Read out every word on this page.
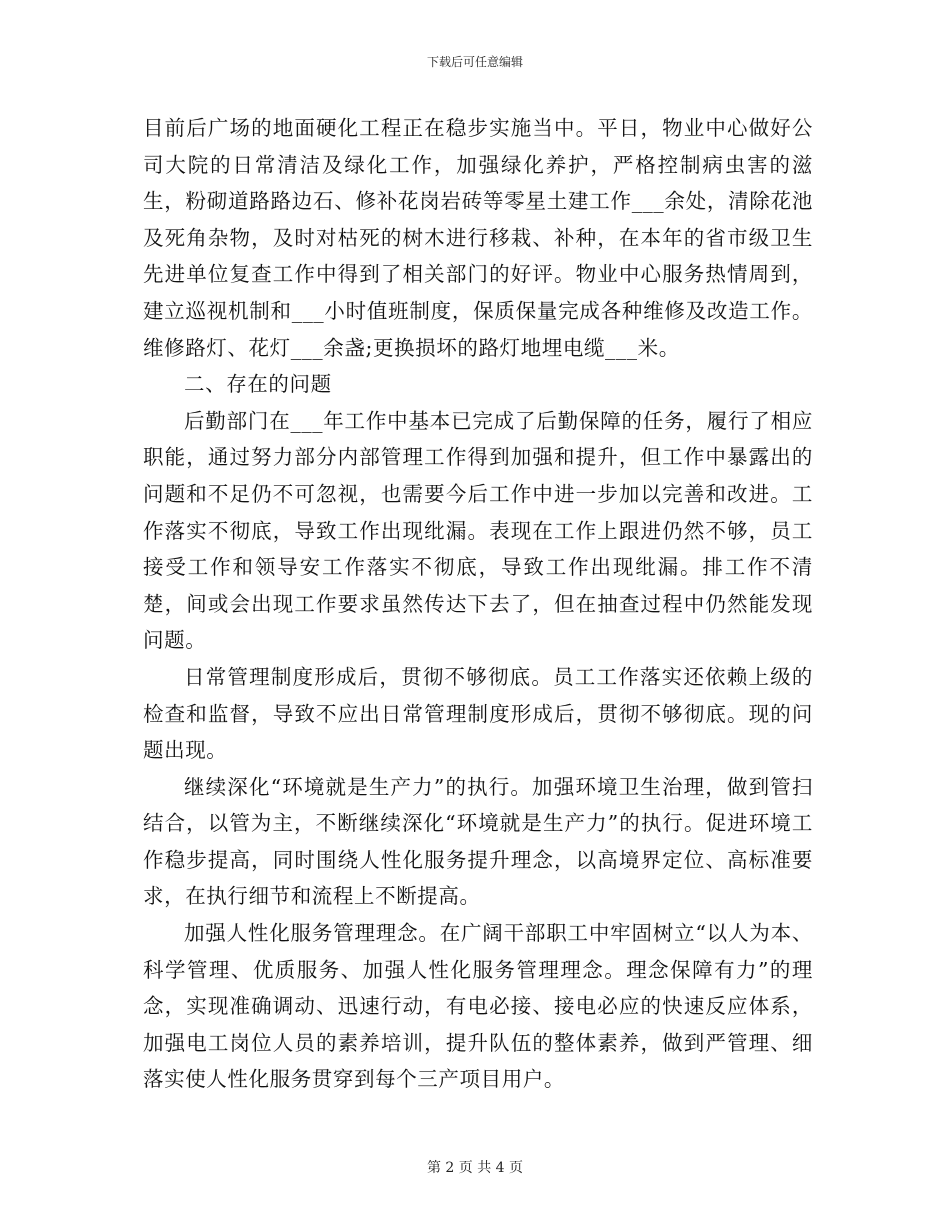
下载后可任意编辑

目前后广场的地面硬化工程正在稳步实施当中。平日，物业中心做好公司大院的日常清洁及绿化工作，加强绿化养护，严格控制病虫害的滋生，粉砌道路路边石、修补花岗岩砖等零星土建工作___余处，清除花池及死角杂物，及时对枯死的树木进行移栽、补种，在本年的省市级卫生先进单位复查工作中得到了相关部门的好评。物业中心服务热情周到，建立巡视机制和___小时值班制度，保质保量完成各种维修及改造工作。维修路灯、花灯___余盏;更换损坏的路灯地埋电缆___米。

二、存在的问题

后勤部门在___年工作中基本已完成了后勤保障的任务，履行了相应职能，通过努力部分内部管理工作得到加强和提升，但工作中暴露出的问题和不足仍不可忽视，也需要今后工作中进一步加以完善和改进。工作落实不彻底，导致工作出现纰漏。表现在工作上跟进仍然不够，员工接受工作和领导安工作落实不彻底，导致工作出现纰漏。排工作不清楚，间或会出现工作要求虽然传达下去了，但在抽查过程中仍然能发现问题。

日常管理制度形成后，贯彻不够彻底。员工工作落实还依赖上级的检查和监督，导致不应出日常管理制度形成后，贯彻不够彻底。现的问题出现。

继续深化“环境就是生产力”的执行。加强环境卫生治理，做到管扫结合，以管为主，不断继续深化“环境就是生产力”的执行。促进环境工作稳步提高，同时围绕人性化服务提升理念，以高境界定位、高标准要求，在执行细节和流程上不断提高。

加强人性化服务管理理念。在广阔干部职工中牢固树立“以人为本、科学管理、优质服务、加强人性化服务管理理念。理念保障有力”的理念，实现准确调动、迅速行动，有电必接、接电必应的快速反应体系，加强电工岗位人员的素养培训，提升队伍的整体素养，做到严管理、细落实使人性化服务贯穿到每个三产项目用户。

第 2 页 共 4 页
